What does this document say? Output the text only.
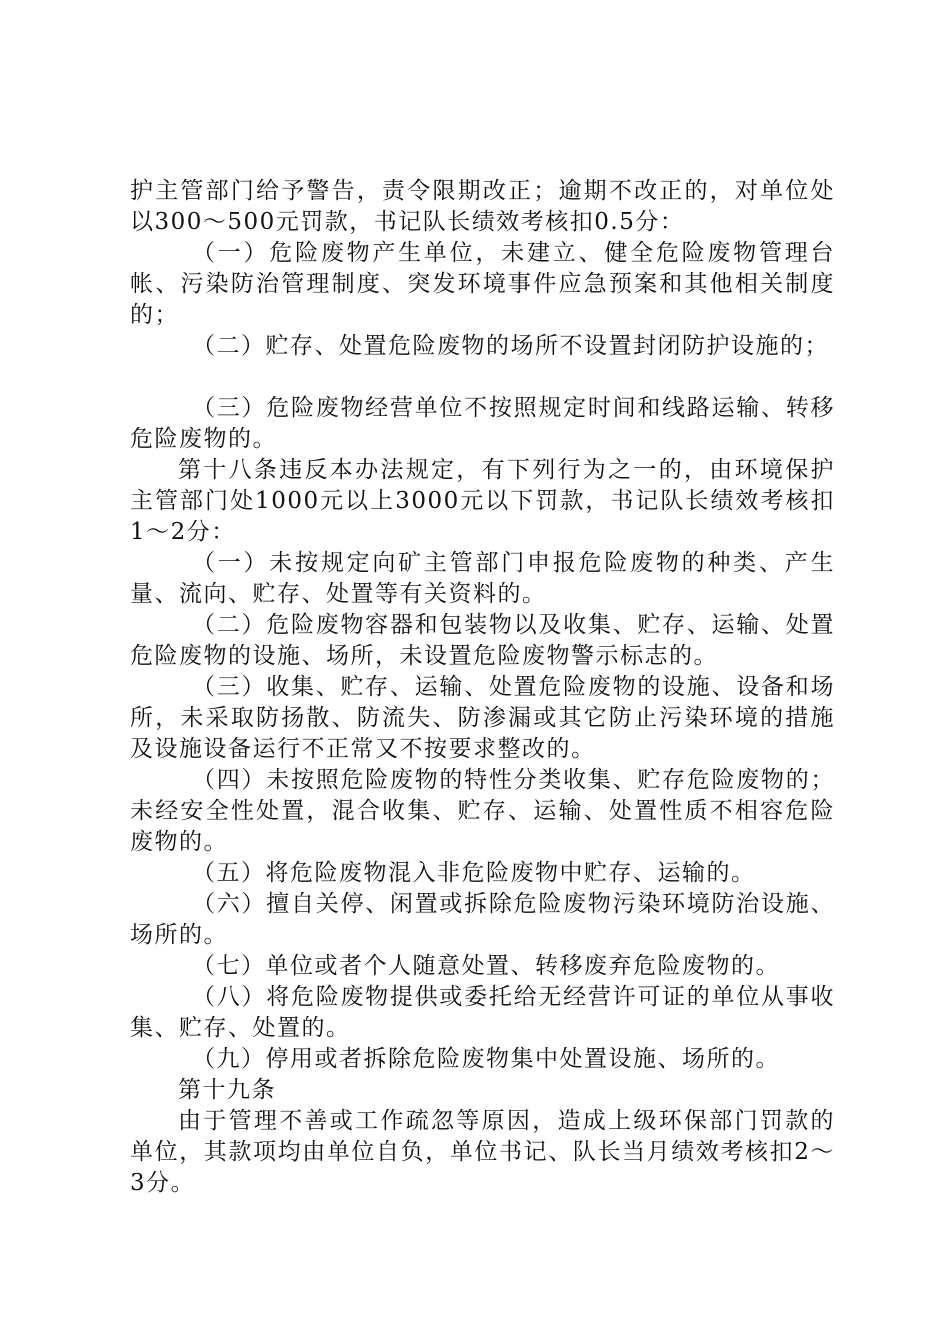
护主管部门给予警告，责令限期改正；逾期不改正的，对单位处以300～500元罚款，书记队长绩效考核扣0.5分：

（一）危险废物产生单位，未建立、健全危险废物管理台帐、污染防治管理制度、突发环境事件应急预案和其他相关制度的；

（二）贮存、处置危险废物的场所不设置封闭防护设施的；

（三）危险废物经营单位不按照规定时间和线路运输、转移危险废物的。

第十八条违反本办法规定，有下列行为之一的，由环境保护主管部门处1000元以上3000元以下罚款，书记队长绩效考核扣1～2分：

（一）未按规定向矿主管部门申报危险废物的种类、产生量、流向、贮存、处置等有关资料的。

（二）危险废物容器和包装物以及收集、贮存、运输、处置危险废物的设施、场所，未设置危险废物警示标志的。

（三）收集、贮存、运输、处置危险废物的设施、设备和场所，未采取防扬散、防流失、防渗漏或其它防止污染环境的措施及设施设备运行不正常又不按要求整改的。

（四）未按照危险废物的特性分类收集、贮存危险废物的；未经安全性处置，混合收集、贮存、运输、处置性质不相容危险废物的。

（五）将危险废物混入非危险废物中贮存、运输的。

（六）擅自关停、闲置或拆除危险废物污染环境防治设施、场所的。

（七）单位或者个人随意处置、转移废弃危险废物的。

（八）将危险废物提供或委托给无经营许可证的单位从事收集、贮存、处置的。

（九）停用或者拆除危险废物集中处置设施、场所的。

第十九条

由于管理不善或工作疏忽等原因，造成上级环保部门罚款的单位，其款项均由单位自负，单位书记、队长当月绩效考核扣2～3分。
